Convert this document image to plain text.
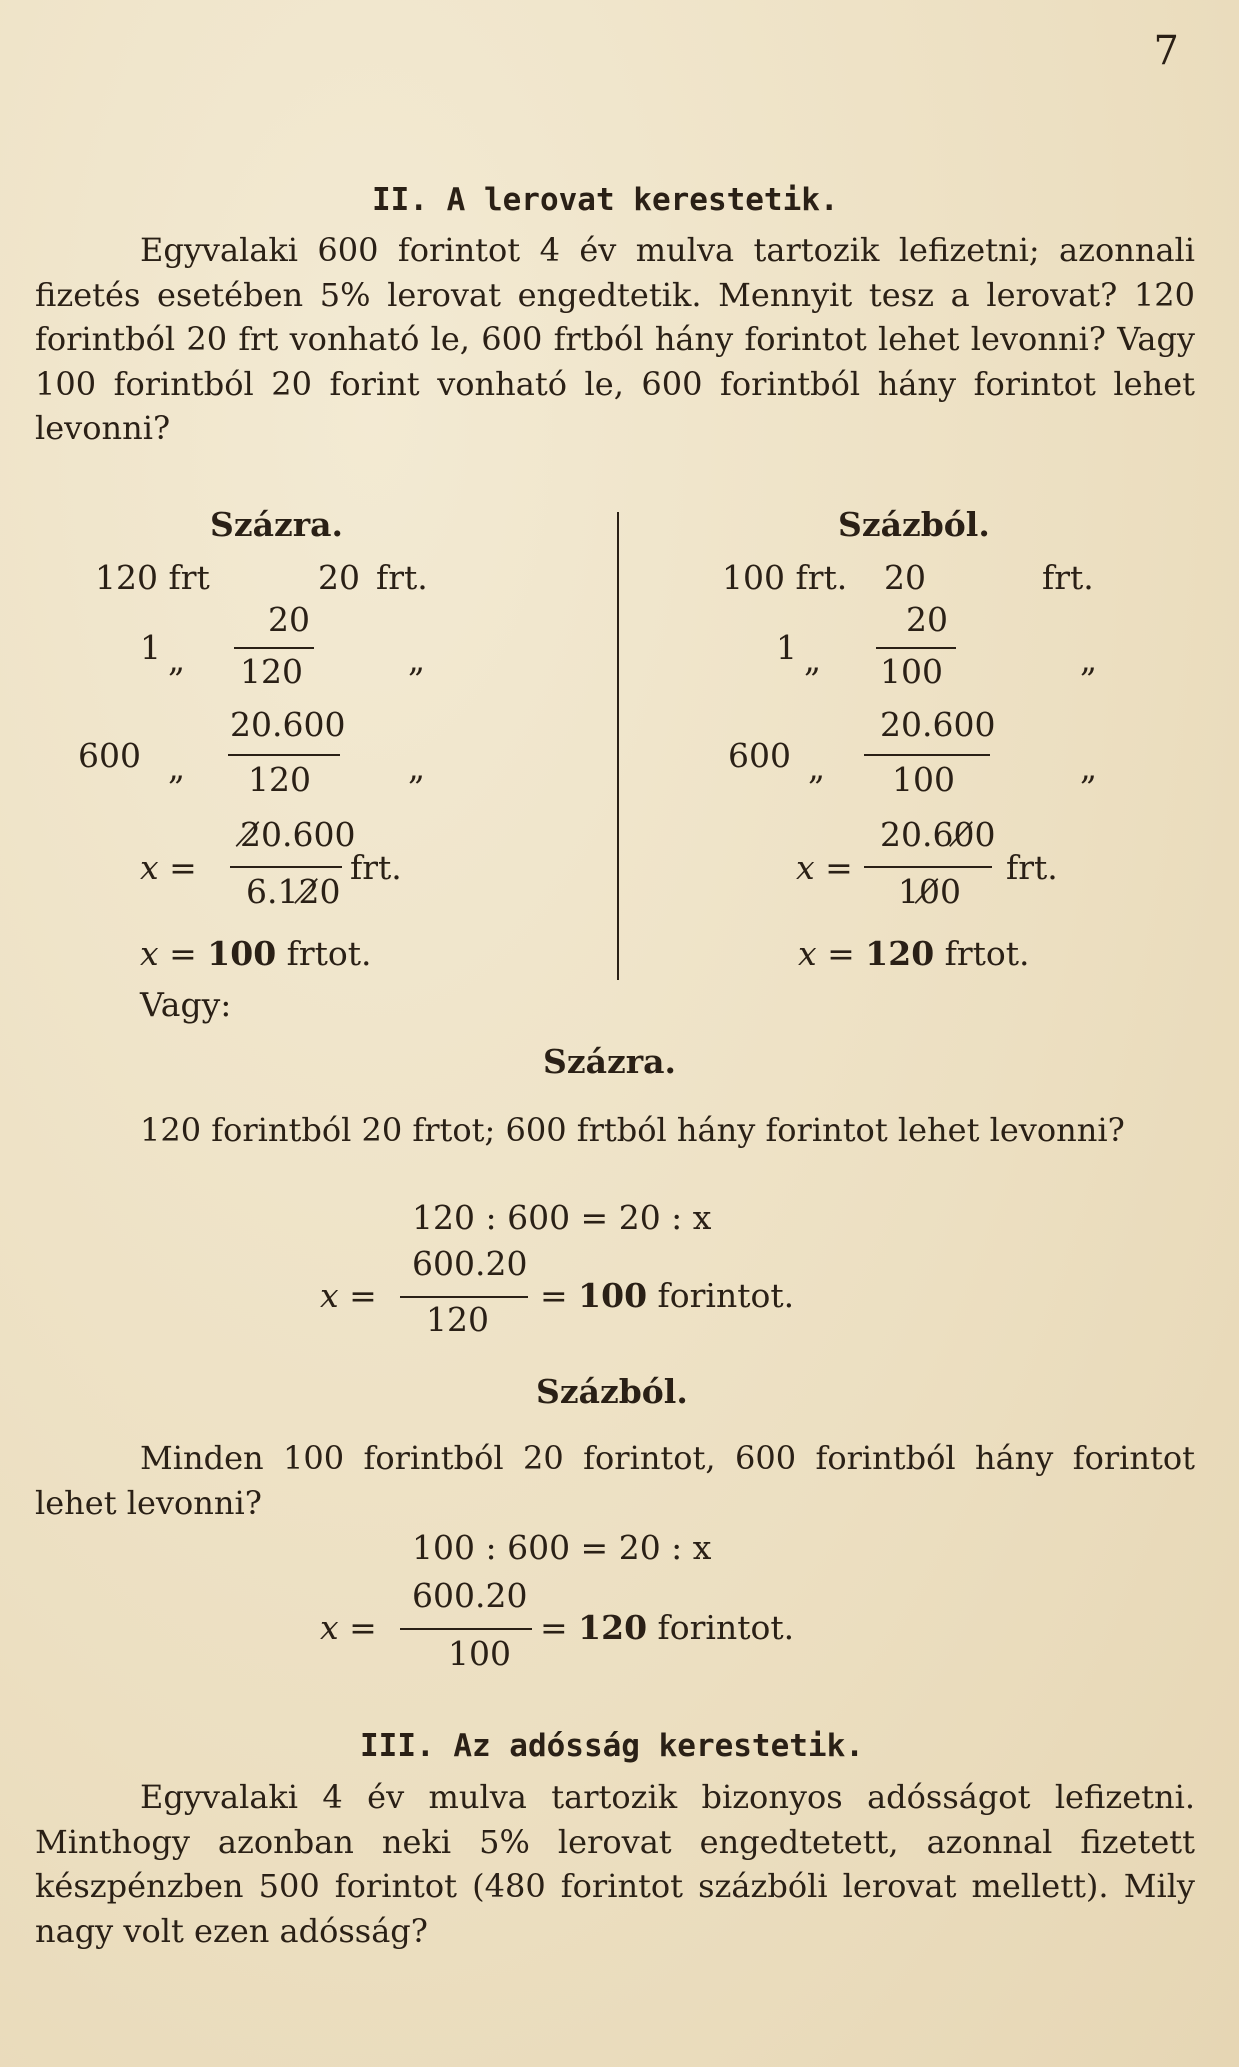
7
II. A lerovat kerestetik.

Egyvalaki 600 forintot 4 év mulva tartozik lefizetni; azonnali fizetés esetében 5% lerovat engedtetik. Mennyit tesz a lerovat? 120 forintból 20 frt vonható le, 600 frtból hány forintot lehet levonni? Vagy 100 forintból 20 forint vonható le, 600 forintból hány forintot lehet levonni?

Százra.
120 frt	20 frt.
20
1 „ 120	„
20.600
600 „ 120	„
2̸0.600
x =
6.12̸0
frt.
x = 100 frtot.
Vagy:
Százból.
100 frt. 20	frt.
20
1 „ 100	„
20.600
600 „ 100	„
20.60̸0
x =
10̸0
frt.
x = 120 frtot.
Százra.

120 forintból 20 frtot; 600 frtból hány forintot lehet levonni?

120 : 600 = 20 : x
600.20
x =
120
= 100 forintot.
Százból.

Minden 100 forintból 20 forintot, 600 forintból hány forintot lehet levonni?

100 : 600 = 20 : x
600.20
x =
100
= 120 forintot.
III. Az adósság kerestetik.

Egyvalaki 4 év mulva tartozik bizonyos adósságot lefizetni. Minthogy azonban neki 5% lerovat engedtetett, azonnal fizetett készpénzben 500 forintot (480 forintot százbóli lerovat mellett). Mily nagy volt ezen adósság?
